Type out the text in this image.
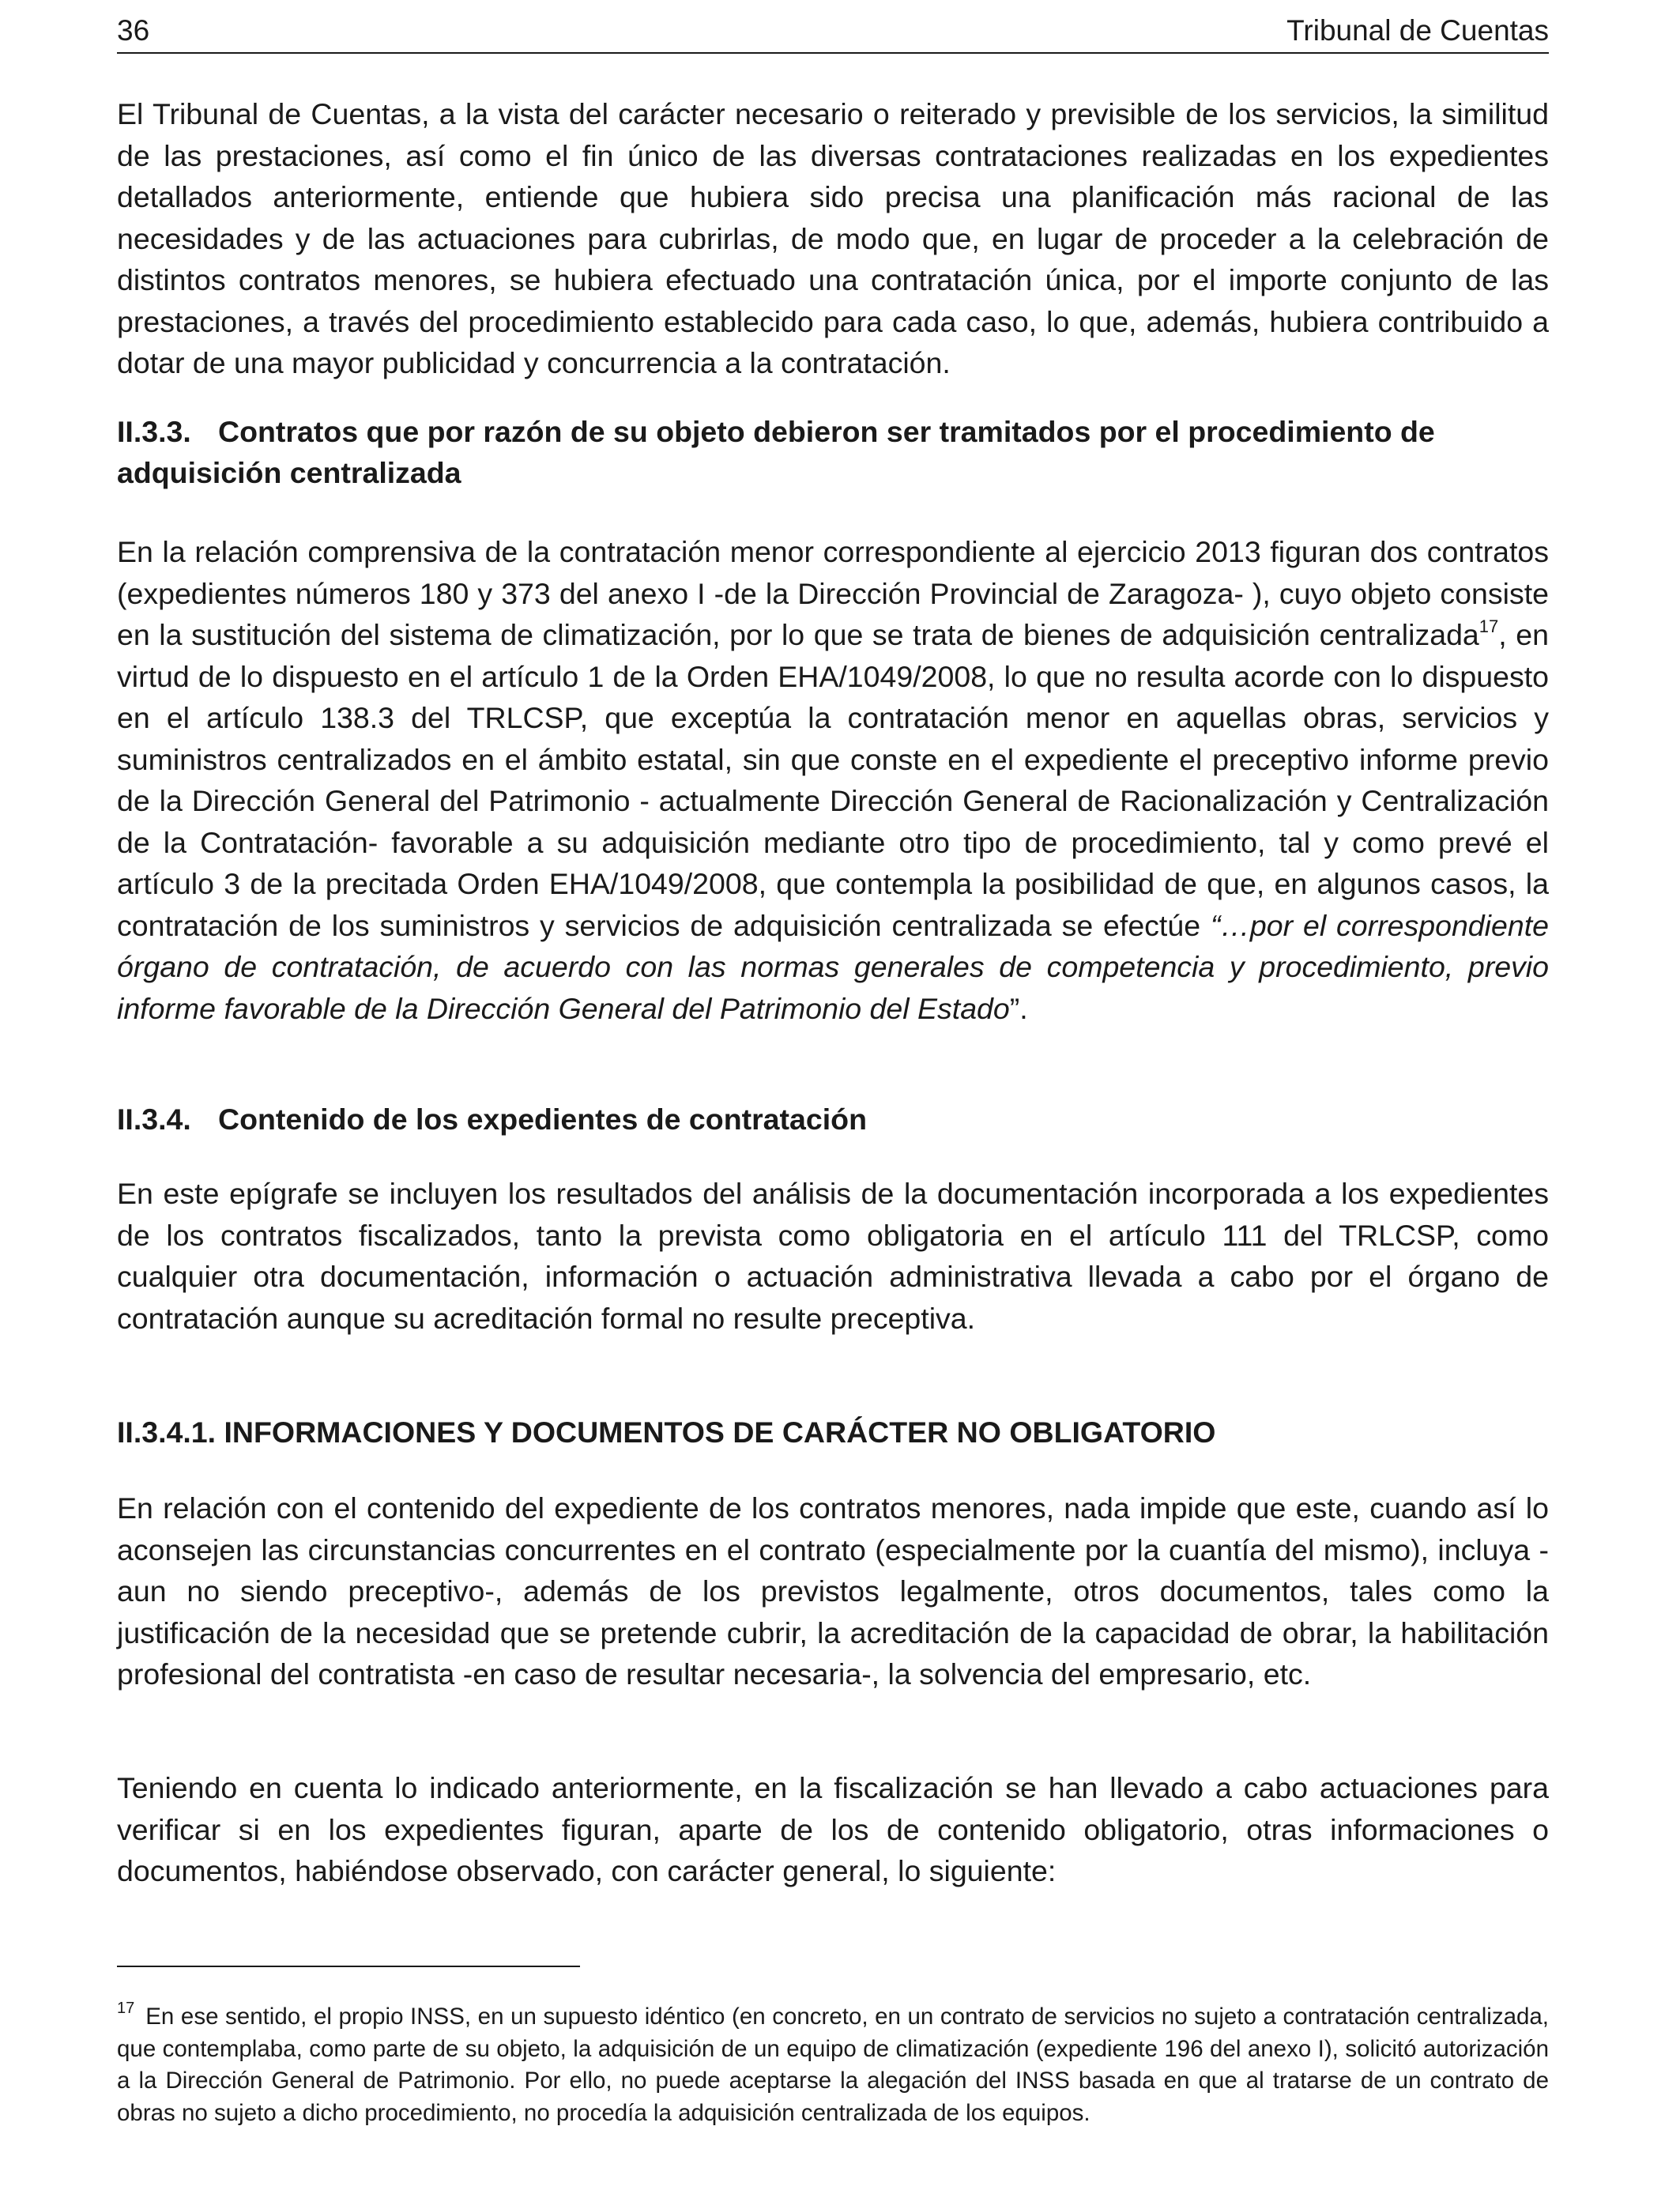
36	Tribunal de Cuentas

El Tribunal de Cuentas, a la vista del carácter necesario o reiterado y previsible de los servicios, la similitud de las prestaciones, así como el fin único de las diversas contrataciones realizadas en los expedientes detallados anteriormente, entiende que hubiera sido precisa una planificación más racional de las necesidades y de las actuaciones para cubrirlas, de modo que, en lugar de proceder a la celebración de distintos contratos menores, se hubiera efectuado una contratación única, por el importe conjunto de las prestaciones, a través del procedimiento establecido para cada caso, lo que, además, hubiera contribuido a dotar de una mayor publicidad y concurrencia a la contratación.

II.3.3. Contratos que por razón de su objeto debieron ser tramitados por el procedimiento de adquisición centralizada

En la relación comprensiva de la contratación menor correspondiente al ejercicio 2013 figuran dos contratos (expedientes números 180 y 373 del anexo I -de la Dirección Provincial de Zaragoza- ), cuyo objeto consiste en la sustitución del sistema de climatización, por lo que se trata de bienes de adquisición centralizada$^{17}$, en virtud de lo dispuesto en el artículo 1 de la Orden EHA/1049/2008, lo que no resulta acorde con lo dispuesto en el artículo 138.3 del TRLCSP, que exceptúa la contratación menor en aquellas obras, servicios y suministros centralizados en el ámbito estatal, sin que conste en el expediente el preceptivo informe previo de la Dirección General del Patrimonio - actualmente Dirección General de Racionalización y Centralización de la Contratación- favorable a su adquisición mediante otro tipo de procedimiento, tal y como prevé el artículo 3 de la precitada Orden EHA/1049/2008, que contempla la posibilidad de que, en algunos casos, la contratación de los suministros y servicios de adquisición centralizada se efectúe “…por el correspondiente órgano de contratación, de acuerdo con las normas generales de competencia y procedimiento, previo informe favorable de la Dirección General del Patrimonio del Estado”.

II.3.4. Contenido de los expedientes de contratación

En este epígrafe se incluyen los resultados del análisis de la documentación incorporada a los expedientes de los contratos fiscalizados, tanto la prevista como obligatoria en el artículo 111 del TRLCSP, como cualquier otra documentación, información o actuación administrativa llevada a cabo por el órgano de contratación aunque su acreditación formal no resulte preceptiva.

II.3.4.1. INFORMACIONES Y DOCUMENTOS DE CARÁCTER NO OBLIGATORIO

En relación con el contenido del expediente de los contratos menores, nada impide que este, cuando así lo aconsejen las circunstancias concurrentes en el contrato (especialmente por la cuantía del mismo), incluya -aun no siendo preceptivo-, además de los previstos legalmente, otros documentos, tales como la justificación de la necesidad que se pretende cubrir, la acreditación de la capacidad de obrar, la habilitación profesional del contratista -en caso de resultar necesaria-, la solvencia del empresario, etc.

Teniendo en cuenta lo indicado anteriormente, en la fiscalización se han llevado a cabo actuaciones para verificar si en los expedientes figuran, aparte de los de contenido obligatorio, otras informaciones o documentos, habiéndose observado, con carácter general, lo siguiente:

$^{17}$ En ese sentido, el propio INSS, en un supuesto idéntico (en concreto, en un contrato de servicios no sujeto a contratación centralizada, que contemplaba, como parte de su objeto, la adquisición de un equipo de climatización (expediente 196 del anexo I), solicitó autorización a la Dirección General de Patrimonio. Por ello, no puede aceptarse la alegación del INSS basada en que al tratarse de un contrato de obras no sujeto a dicho procedimiento, no procedía la adquisición centralizada de los equipos.
